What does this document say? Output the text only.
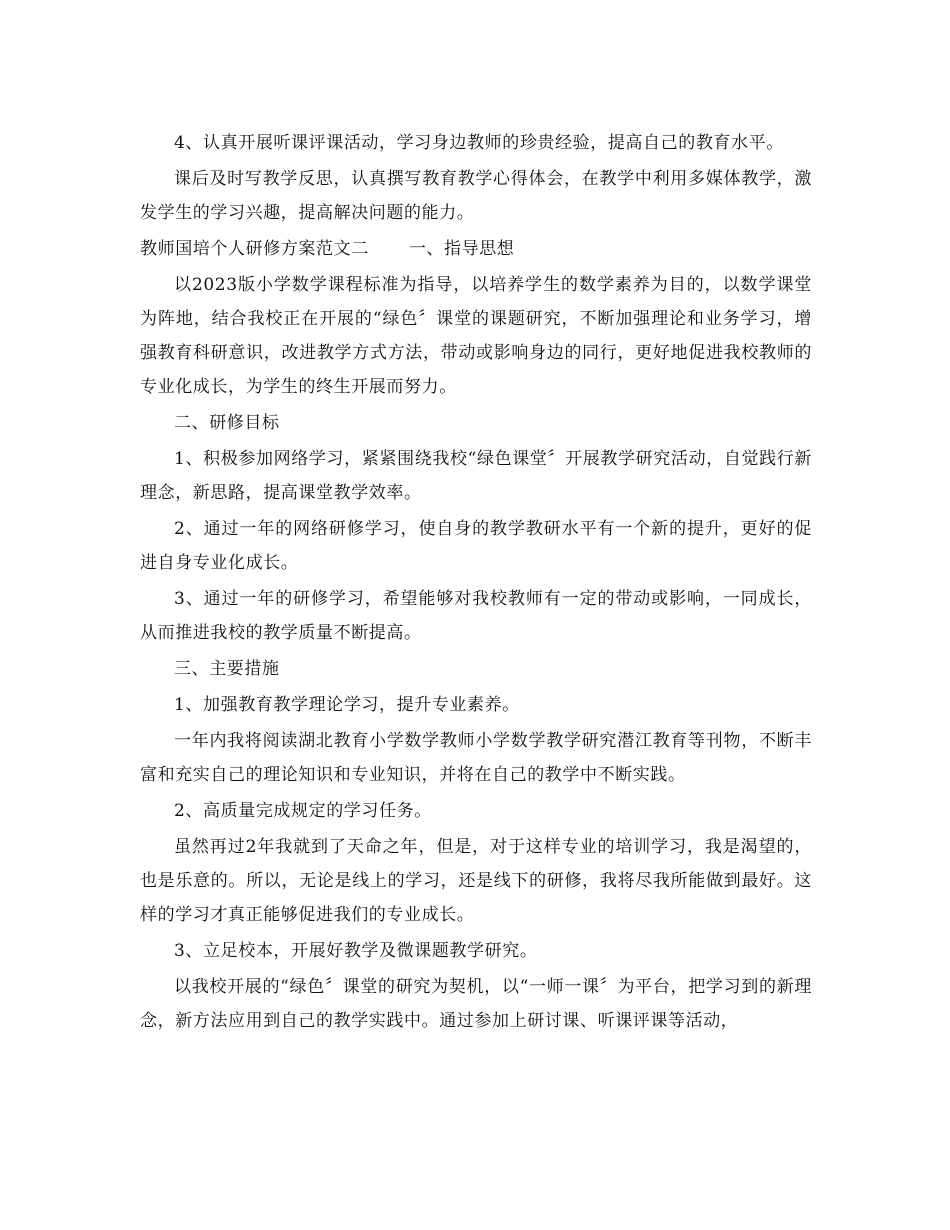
4、认真开展听课评课活动，学习身边教师的珍贵经验，提高自己的教育水平。

课后及时写教学反思，认真撰写教育教学心得体会，在教学中利用多媒体教学，激发学生的学习兴趣，提高解决问题的能力。

教师国培个人研修方案范文二 一、指导思想

以2023版小学数学课程标准为指导，以培养学生的数学素养为目的，以数学课堂为阵地，结合我校正在开展的“绿色〞课堂的课题研究，不断加强理论和业务学习，增强教育科研意识，改进教学方式方法，带动或影响身边的同行，更好地促进我校教师的专业化成长，为学生的终生开展而努力。

二、研修目标

1、积极参加网络学习，紧紧围绕我校“绿色课堂〞开展教学研究活动，自觉践行新理念，新思路，提高课堂教学效率。

2、通过一年的网络研修学习，使自身的教学教研水平有一个新的提升，更好的促进自身专业化成长。

3、通过一年的研修学习，希望能够对我校教师有一定的带动或影响，一同成长，从而推进我校的教学质量不断提高。

三、主要措施

1、加强教育教学理论学习，提升专业素养。

一年内我将阅读湖北教育小学数学教师小学数学教学研究潜江教育等刊物，不断丰富和充实自己的理论知识和专业知识，并将在自己的教学中不断实践。

2、高质量完成规定的学习任务。

虽然再过2年我就到了天命之年，但是，对于这样专业的培训学习，我是渴望的，也是乐意的。所以，无论是线上的学习，还是线下的研修，我将尽我所能做到最好。这样的学习才真正能够促进我们的专业成长。

3、立足校本，开展好教学及微课题教学研究。

以我校开展的“绿色〞课堂的研究为契机，以“一师一课〞为平台，把学习到的新理念，新方法应用到自己的教学实践中。通过参加上研讨课、听课评课等活动，
